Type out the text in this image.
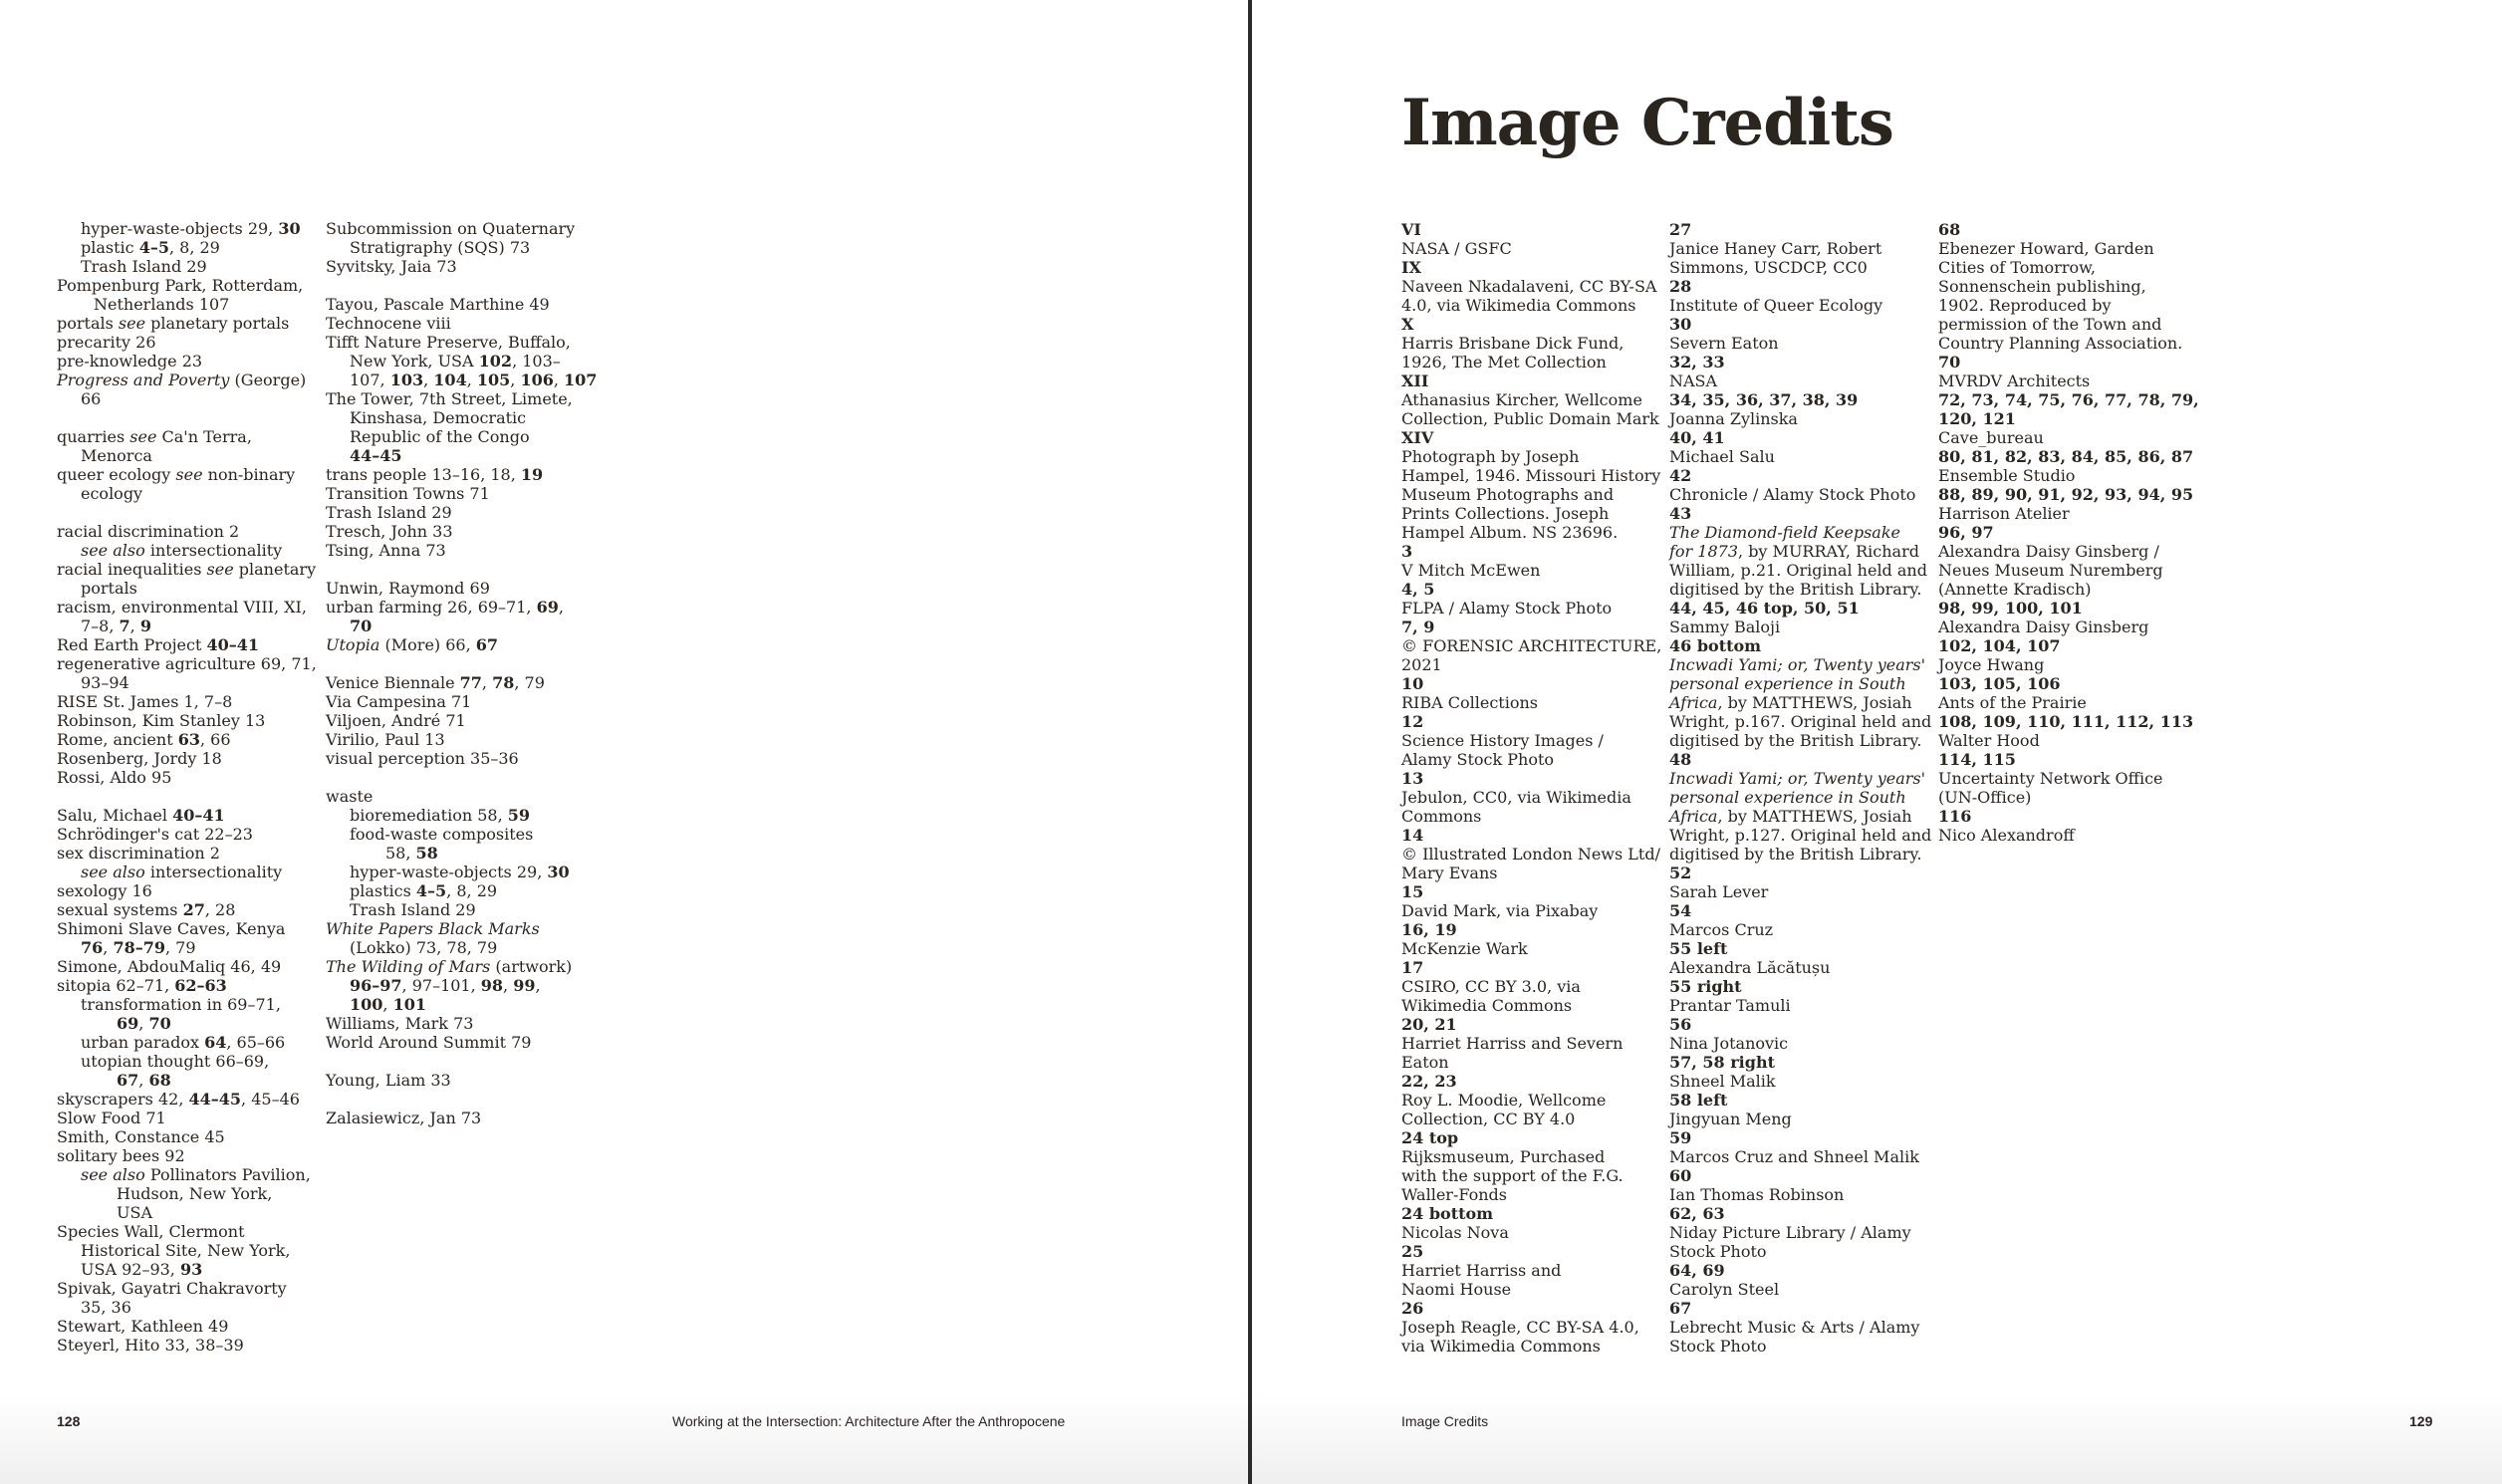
hyper-waste-objects 29, 30
plastic 4–5, 8, 29
Trash Island 29
Pompenburg Park, Rotterdam,
Netherlands 107
portals see planetary portals
precarity 26
pre-knowledge 23
Progress and Poverty (George)
66
quarries see Ca'n Terra,
Menorca
queer ecology see non-binary
ecology
racial discrimination 2
see also intersectionality
racial inequalities see planetary
portals
racism, environmental VIII, XI,
7–8, 7, 9
Red Earth Project 40–41
regenerative agriculture 69, 71,
93–94
RISE St. James 1, 7–8
Robinson, Kim Stanley 13
Rome, ancient 63, 66
Rosenberg, Jordy 18
Rossi, Aldo 95
Salu, Michael 40–41
Schrödinger's cat 22–23
sex discrimination 2
see also intersectionality
sexology 16
sexual systems 27, 28
Shimoni Slave Caves, Kenya
76, 78–79, 79
Simone, AbdouMaliq 46, 49
sitopia 62–71, 62–63
transformation in 69–71,
69, 70
urban paradox 64, 65–66
utopian thought 66–69,
67, 68
skyscrapers 42, 44–45, 45–46
Slow Food 71
Smith, Constance 45
solitary bees 92
see also Pollinators Pavilion,
Hudson, New York,
USA
Species Wall, Clermont
Historical Site, New York,
USA 92–93, 93
Spivak, Gayatri Chakravorty
35, 36
Stewart, Kathleen 49
Steyerl, Hito 33, 38–39
Subcommission on Quaternary
Stratigraphy (SQS) 73
Syvitsky, Jaia 73
Tayou, Pascale Marthine 49
Technocene viii
Tifft Nature Preserve, Buffalo,
New York, USA 102, 103–
107, 103, 104, 105, 106, 107
The Tower, 7th Street, Limete,
Kinshasa, Democratic
Republic of the Congo
44–45
trans people 13–16, 18, 19
Transition Towns 71
Trash Island 29
Tresch, John 33
Tsing, Anna 73
Unwin, Raymond 69
urban farming 26, 69–71, 69,
70
Utopia (More) 66, 67
Venice Biennale 77, 78, 79
Via Campesina 71
Viljoen, André 71
Virilio, Paul 13
visual perception 35–36
waste
bioremediation 58, 59
food-waste composites
58, 58
hyper-waste-objects 29, 30
plastics 4–5, 8, 29
Trash Island 29
White Papers Black Marks
(Lokko) 73, 78, 79
The Wilding of Mars (artwork)
96–97, 97–101, 98, 99,
100, 101
Williams, Mark 73
World Around Summit 79
Young, Liam 33
Zalasiewicz, Jan 73
128	Working at the Intersection: Architecture After the Anthropocene
Image Credits
VI
NASA / GSFC
IX
Naveen Nkadalaveni, CC BY-SA
4.0, via Wikimedia Commons
X
Harris Brisbane Dick Fund,
1926, The Met Collection
XII
Athanasius Kircher, Wellcome
Collection, Public Domain Mark
XIV
Photograph by Joseph
Hampel, 1946. Missouri History
Museum Photographs and
Prints Collections. Joseph
Hampel Album. NS 23696.
3
V Mitch McEwen
4, 5
FLPA / Alamy Stock Photo
7, 9
© FORENSIC ARCHITECTURE,
2021
10
RIBA Collections
12
Science History Images /
Alamy Stock Photo
13
Jebulon, CC0, via Wikimedia
Commons
14
© Illustrated London News Ltd/
Mary Evans
15
David Mark, via Pixabay
16, 19
McKenzie Wark
17
CSIRO, CC BY 3.0, via
Wikimedia Commons
20, 21
Harriet Harriss and Severn
Eaton
22, 23
Roy L. Moodie, Wellcome
Collection, CC BY 4.0
24 top
Rijksmuseum, Purchased
with the support of the F.G.
Waller-Fonds
24 bottom
Nicolas Nova
25
Harriet Harriss and
Naomi House
26
Joseph Reagle, CC BY-SA 4.0,
via Wikimedia Commons
27
Janice Haney Carr, Robert
Simmons, USCDCP, CC0
28
Institute of Queer Ecology
30
Severn Eaton
32, 33
NASA
34, 35, 36, 37, 38, 39
Joanna Zylinska
40, 41
Michael Salu
42
Chronicle / Alamy Stock Photo
43
The Diamond-field Keepsake
for 1873, by MURRAY, Richard
William, p.21. Original held and
digitised by the British Library.
44, 45, 46 top, 50, 51
Sammy Baloji
46 bottom
Incwadi Yami; or, Twenty years'
personal experience in South
Africa, by MATTHEWS, Josiah
Wright, p.167. Original held and
digitised by the British Library.
48
Incwadi Yami; or, Twenty years'
personal experience in South
Africa, by MATTHEWS, Josiah
Wright, p.127. Original held and
digitised by the British Library.
52
Sarah Lever
54
Marcos Cruz
55 left
Alexandra Lăcătușu
55 right
Prantar Tamuli
56
Nina Jotanovic
57, 58 right
Shneel Malik
58 left
Jingyuan Meng
59
Marcos Cruz and Shneel Malik
60
Ian Thomas Robinson
62, 63
Niday Picture Library / Alamy
Stock Photo
64, 69
Carolyn Steel
67
Lebrecht Music & Arts / Alamy
Stock Photo
68
Ebenezer Howard, Garden
Cities of Tomorrow,
Sonnenschein publishing,
1902. Reproduced by
permission of the Town and
Country Planning Association.
70
MVRDV Architects
72, 73, 74, 75, 76, 77, 78, 79,
120, 121
Cave_bureau
80, 81, 82, 83, 84, 85, 86, 87
Ensemble Studio
88, 89, 90, 91, 92, 93, 94, 95
Harrison Atelier
96, 97
Alexandra Daisy Ginsberg /
Neues Museum Nuremberg
(Annette Kradisch)
98, 99, 100, 101
Alexandra Daisy Ginsberg
102, 104, 107
Joyce Hwang
103, 105, 106
Ants of the Prairie
108, 109, 110, 111, 112, 113
Walter Hood
114, 115
Uncertainty Network Office
(UN-Office)
116
Nico Alexandroff
Image Credits	129
